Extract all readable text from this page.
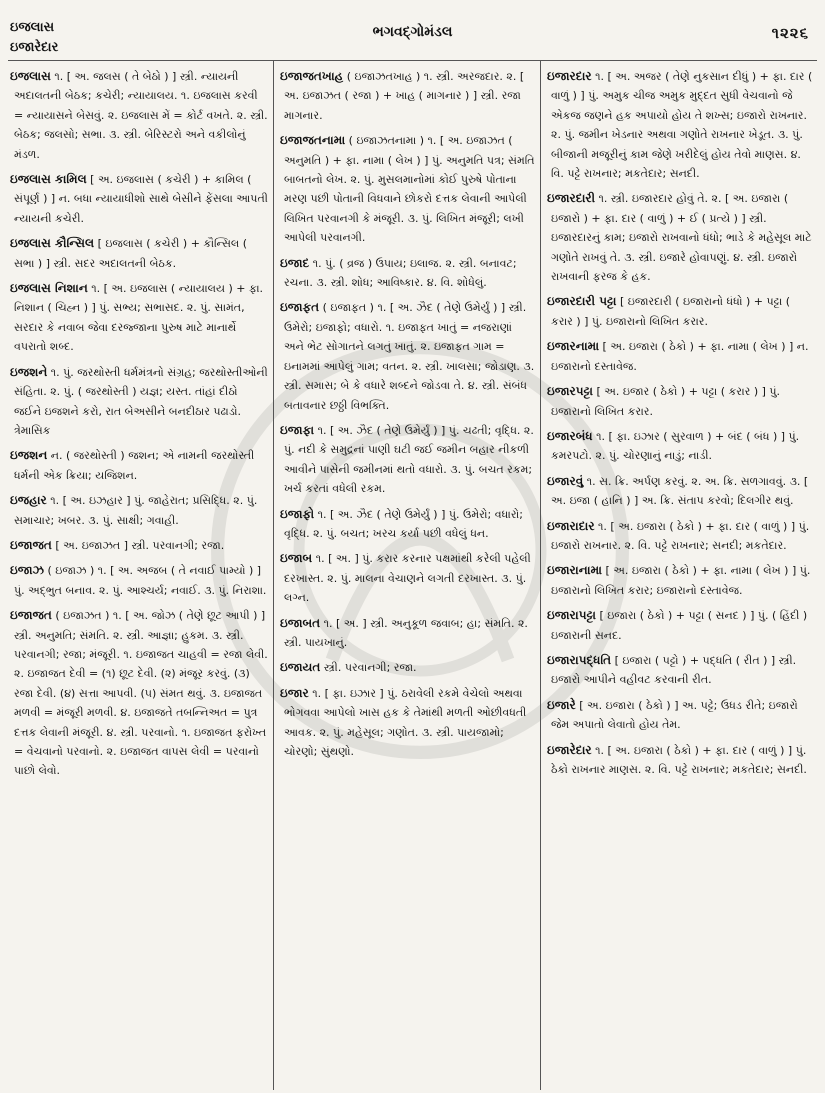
ઇજલાસ
ઇજારેદાર
ભગવદ્ગોમંડલ	૧૨૨૬

ઇજલાસ ૧. [ અ. જલસ ( તે બેઠો ) ] સ્ત્રી. ન્યાયની અદાલતની બેઠક; કચેરી; ન્યાયાલય. ૧. ઇજલાસ કરવી = ન્યાયાસને બેસવું. ૨. ઇજલાસ મેં = કોર્ટ વખતે. ૨. સ્ત્રી. બેઠક; જલસો; સભા. ૩. સ્ત્રી. બેરિસ્ટરો અને વકીલોનું મંડળ.

ઇજલાસ કામિલ [ અ. ઇજલાસ ( કચેરી ) + કામિલ ( સંપૂર્ણ ) ] ન. બધા ન્યાયાધીશો સાથે બેસીને ફેંસલા આપતી ન્યાયની કચેરી.

ઇજલાસ કૌન્સિલ [ ઇજલાસ ( કચેરી ) + કૌન્સિલ ( સભા ) ] સ્ત્રી. સદર અદાલતની બેઠક.

ઇજલાસ નિશાન ૧. [ અ. ઇજલાસ ( ન્યાયાલય ) + ફા. નિશાન ( ચિહ્ન ) ] પું. સભ્ય; સભાસદ. ૨. પું. સામંત, સરદાર કે નવાબ જેવા દરજ્જાના પુરુષ માટે માનાર્થે વપરાતો શબ્દ.

ઇજશને ૧. પું. જરથોસ્તી ધર્મમંત્રનો સંગ્રહ; જરથોસ્તીઓની સંહિતા. ૨. પું. ( જરથોસ્તી ) યજ્ઞ; યસ્ત. તાંહાં દીઠો જઈને ઇજશને કરો, રાત બેઅસીને બનદીઠાર પઢાડો. ત્રેમાસિક

ઇજશન ન. ( જરથોસ્તી ) જશન; એ નામની જરથોસ્તી ધર્મની એક ક્રિયા; યજિશન.

ઇજહાર ૧. [ અ. ઇઝહાર ] પું. જાહેરાત; પ્રસિદ્ધિ. ૨. પું. સમાચાર; ખબર. ૩. પું. સાક્ષી; ગવાહી.

ઇજાજત [ અ. ઇજાઝત ] સ્ત્રી. પરવાનગી; રજા.

ઇજાઝ ( ઇજાઝ ) ૧. [ અ. અજબ ( તે નવાઈ પામ્યો ) ] પું. અદ્ભુત બનાવ. ૨. પું. આશ્ચર્ય; નવાઈ. ૩. પું. નિરાશા.

ઇજાજત ( ઇજાઝત ) ૧. [ અ. જોઝ ( તેણે છૂટ આપી ) ] સ્ત્રી. અનુમતિ; સંમતિ. ૨. સ્ત્રી. આજ્ઞા; હુકમ. ૩. સ્ત્રી. પરવાનગી; રજા; મંજૂરી. ૧. ઇજાજત ચાહવી = રજા લેવી. ૨. ઇજાજત દેવી = (૧) છૂટ દેવી. (૨) મંજૂર કરવું. (૩) રજા દેવી. (૪) સત્તા આપવી. (૫) સંમત થવું. ૩. ઇજાજત મળવી = મંજૂરી મળવી. ૪. ઇજાજતે તબન્નિઅત = પુત્ર દત્તક લેવાની મંજૂરી. ૪. સ્ત્રી. પરવાનો. ૧. ઇજાજત ફરોખ્ત = વેચવાનો પરવાનો. ૨. ઇજાજત વાપસ લેવી = પરવાનો પાછો લેવો.

ઇજાજતખાહ ( ઇજાઝતખાહ ) ૧. સ્ત્રી. અરજદાર. ૨. [ અ. ઇજાઝત ( રજા ) + ખાહ ( માગનાર ) ] સ્ત્રી. રજા માગનાર.

ઇજાજતનામા ( ઇજાઝતનામા ) ૧. [ અ. ઇજાઝત ( અનુમતિ ) + ફા. નામા ( લેખ ) ] પું. અનુમતિ પત્ર; સંમતિ બાબતનો લેખ. ૨. પું. મુસલમાનોમાં કોઈ પુરુષે પોતાના મરણ પછી પોતાની વિધવાને છોકરો દત્તક લેવાની આપેલી લિખિત પરવાનગી કે મંજૂરી. ૩. પું. લિખિત મંજૂરી; લખી આપેલી પરવાનગી.

ઇજાદ ૧. પું. ( વ્રજ ) ઉપાય; ઇલાજ. ૨. સ્ત્રી. બનાવટ; રચના. ૩. સ્ત્રી. શોધ; આવિષ્કાર. ૪. વિ. શોધેલું.

ઇજાફત ( ઇજાફત ) ૧. [ અ. ઝૈદ ( તેણે ઉમેર્યું ) ] સ્ત્રી. ઉમેરો; ઇજાફો; વધારો. ૧. ઇજાફત ખાતું = નજરાણાં અને ભેટ સોગાતને લગતું ખાતું. ૨. ઇજાફત ગામ = ઇનામમાં આપેલું ગામ; વતન. ૨. સ્ત્રી. ખાલસા; જોડાણ. ૩. સ્ત્રી. સમાસ; બે કે વધારે શબ્દને જોડવા તે. ૪. સ્ત્રી. સંબંધ બતાવનાર છઠ્ઠી વિભક્તિ.

ઇજાફા ૧. [ અ. ઝૈદ ( તેણે ઉમેર્યું ) ] પું. ચઢતી; વૃદ્ધિ. ૨. પું. નદી કે સમુદ્રનાં પાણી ઘટી જઈ જમીન બહાર નીકળી આવીને પાસેની જમીનમાં થતો વધારો. ૩. પું. બચત રકમ; ખર્ચ કરતાં વધેલી રકમ.

ઇજાફો ૧. [ અ. ઝૈદ ( તેણે ઉમેર્યું ) ] પું. ઉમેરો; વધારો; વૃદ્ધિ. ૨. પું. બચત; ખરચ કર્યા પછી વધેલું ધન.

ઇજાબ ૧. [ અ. ] પું. કરાર કરનાર પક્ષમાંથી કરેલી પહેલી દરખાસ્ત. ૨. પું. માલના વેચાણને લગતી દરખાસ્ત. ૩. પું. લગ્ન.

ઇજાબત ૧. [ અ. ] સ્ત્રી. અનુકૂળ જવાબ; હા; સંમતિ. ૨. સ્ત્રી. પાયખાનું.

ઇજાયત સ્ત્રી. પરવાનગી; રજા.

ઇજાર ૧. [ ફા. ઇઝાર ] પું. ઠરાવેલી રકમે વેચેલો અથવા ભોગવવા આપેલો ખાસ હક કે તેમાંથી મળતી ઓછીવધતી આવક. ૨. પું. મહેસૂલ; ગણોત. ૩. સ્ત્રી. પાયજામો; ચોરણો; સુંથણો.

ઇજારદાર ૧. [ અ. અજર ( તેણે નુકસાન દીધું ) + ફા. દાર ( વાળું ) ] પું. અમુક ચીજ અમુક મુદ્દત સુધી વેચવાનો જે એકજ જણને હક અપાયો હોય તે શખ્સ; ઇજારો રાખનાર. ૨. પું. જમીન ખેડનાર અથવા ગણોતે રાખનાર ખેડૂત. ૩. પું. બીજાની મજૂરીનું કામ જેણે ખરીદેલું હોય તેવો માણસ. ૪. વિ. પટ્ટે રાખનાર; મકતેદાર; સનદી.

ઇજારદારી ૧. સ્ત્રી. ઇજારદાર હોવું તે. ૨. [ અ. ઇજારા ( ઇજારો ) + ફા. દાર ( વાળું ) + ઈ ( પ્રત્યે ) ] સ્ત્રી. ઇજારદારનું કામ; ઇજારો રાખવાનો ધંધો; ભાડે કે મહેસૂલ માટે ગણોતે રાખવું તે. ૩. સ્ત્રી. ઇજારે હોવાપણું. ૪. સ્ત્રી. ઇજારો રાખવાની ફરજ કે હક.

ઇજારદારી પટ્ટા [ ઇજારદારી ( ઇજારાનો ધંધો ) + પટ્ટા ( કરાર ) ] પું. ઇજારાનો લિખિત કરાર.

ઇજારનામા [ અ. ઇજારા ( ઠેકો ) + ફા. નામા ( લેખ ) ] ન. ઇજારાનો દસ્તાવેજ.

ઇજારપટ્ટા [ અ. ઇજાર ( ઠેકો ) + પટ્ટા ( કરાર ) ] પું. ઇજારાનો લિખિત કરાર.

ઇજારબંધ ૧. [ ફા. ઇઝાર ( સુરવાળ ) + બંદ ( બંધ ) ] પું. કમરપટો. ૨. પું. ચોરણાનું નાડું; નાડી.

ઇજારવું ૧. સ. ક્રિ. અર્પણ કરવું. ૨. અ. ક્રિ. સળગાવવું. ૩. [ અ. ઇજા ( હાનિ ) ] અ. ક્રિ. સંતાપ કરવો; દિલગીર થવું.

ઇજારાદાર ૧. [ અ. ઇજારા ( ઠેકો ) + ફા. દાર ( વાળું ) ] પું. ઇજારો રાખનાર. ૨. વિ. પટ્ટે રાખનાર; સનદી; મકતેદાર.

ઇજારાનામા [ અ. ઇજારા ( ઠેકો ) + ફા. નામા ( લેખ ) ] પું. ઇજારાનો લિખિત કરાર; ઇજારાનો દસ્તાવેજ.

ઇજારાપટ્ટા [ ઇજારા ( ઠેકો ) + પટ્ટા ( સનદ ) ] પું. ( હિંદી ) ઇજારાની સનદ.

ઇજારાપદ્ધતિ [ ઇજારા ( પટ્ટો ) + પદ્ધતિ ( રીત ) ] સ્ત્રી. ઇજારો આપીને વહીવટ કરવાની રીત.

ઇજારે [ અ. ઇજારા ( ઠેકો ) ] અ. પટ્ટે; ઉધડ રીતે; ઇજારો જેમ અપાતો લેવાતો હોય તેમ.

ઇજારેદાર ૧. [ અ. ઇજારા ( ઠેકો ) + ફા. દાર ( વાળું ) ] પું. ઠેકો રાખનાર માણસ. ૨. વિ. પટ્ટે રાખનાર; મકતેદાર; સનદી.
